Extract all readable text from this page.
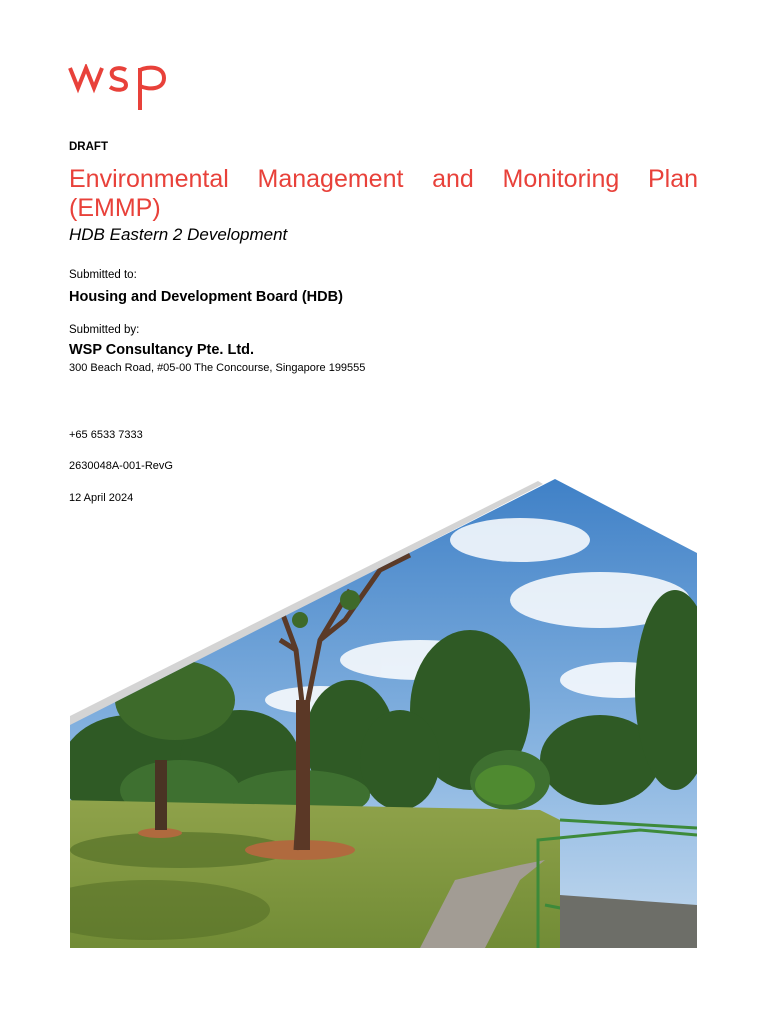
DRAFT
Environmental Management and Monitoring Plan (EMMP)
HDB Eastern 2 Development
Submitted to:
Housing and Development Board (HDB)
Submitted by:
WSP Consultancy Pte. Ltd.
300 Beach Road, #05-00 The Concourse, Singapore 199555
+65 6533 7333
2630048A-001-RevG
12 April 2024
